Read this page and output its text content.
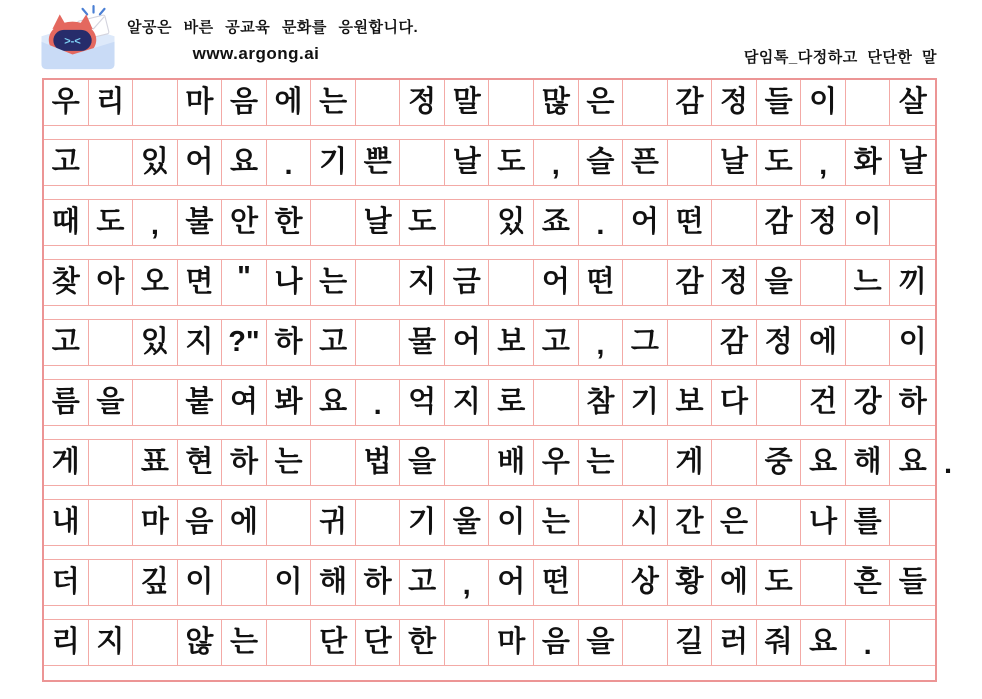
>-<
알공은 바른 공교육 문화를 응원합니다.
www.argong.ai	담임톡_다정하고 단단한 말
우 리	마 음 에 는	정 말	많 은	감 정 들 이	살
고	있 어 요 . 기 쁜	날 도 , 슬 픈	날 도 , 화 날
때 도 , 불 안 한	날 도	있 죠 . 어 떤	감 정 이
찾 아 오 면 " 나 는	지 금	어 떤	감 정 을	느 끼
고	있 지 ?" 하 고	물 어 보 고 , 그	감 정 에	이
름 을	붙 여 봐 요 . 억 지 로	참 기 보 다	건 강 하
게	표 현 하 는	법 을	배 우 는	게	중 요 해 요
내	마 음 에	귀	기 울 이 는	시 간 은	나 를
더	깊 이	이 해 하 고 , 어 떤	상 황 에 도	흔 들
리 지	않 는	단 단 한	마 음 을	길 러 줘 요 .
.
